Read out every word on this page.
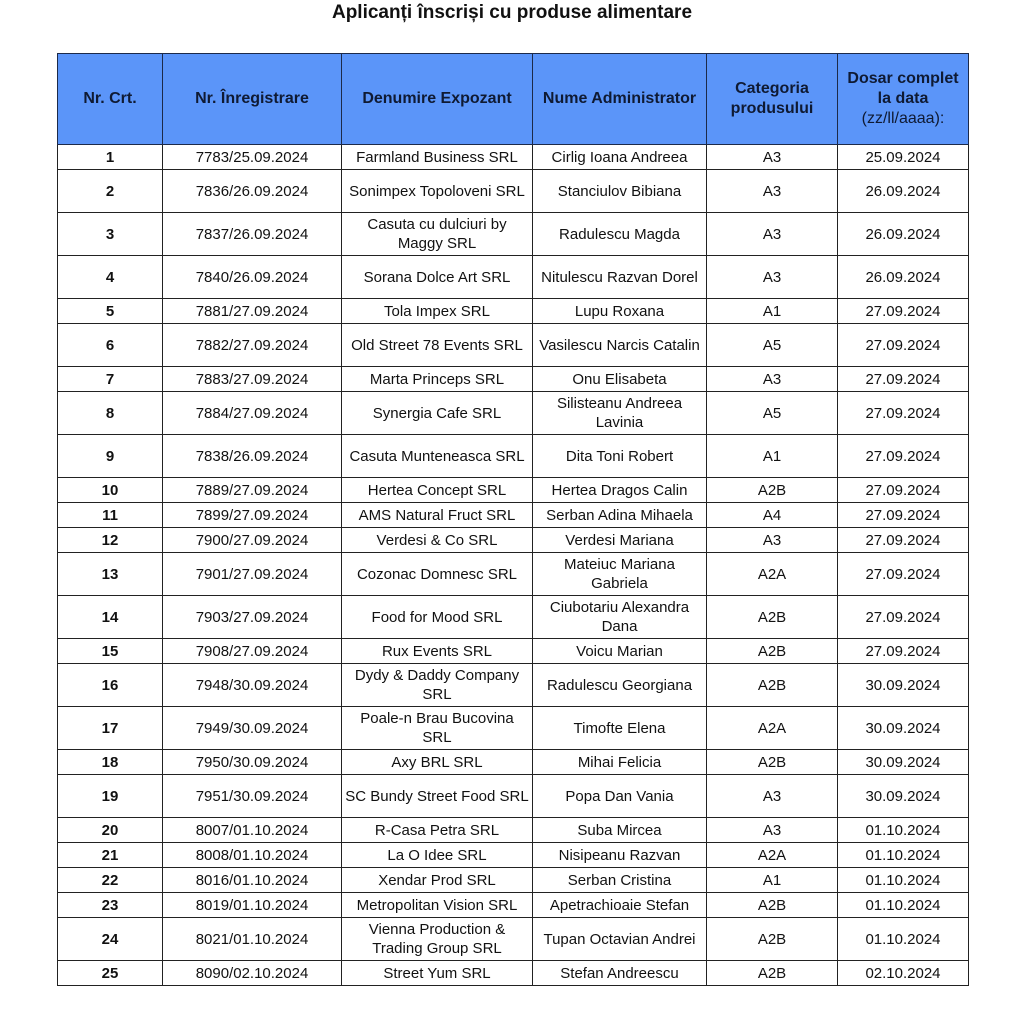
Aplicanți înscriși cu produse alimentare
Nr. Crt.	Nr. Înregistrare	Denumire Expozant	Nume Administrator	Categoria produsului	Dosar complet la data
(zz/ll/aaaa):
1	7783/25.09.2024	Farmland Business SRL	Cirlig Ioana Andreea	A3	25.09.2024
2	7836/26.09.2024	Sonimpex Topoloveni SRL	Stanciulov Bibiana	A3	26.09.2024
3	7837/26.09.2024	Casuta cu dulciuri by Maggy SRL	Radulescu Magda	A3	26.09.2024
4	7840/26.09.2024	Sorana Dolce Art SRL	Nitulescu Razvan Dorel	A3	26.09.2024
5	7881/27.09.2024	Tola Impex SRL	Lupu Roxana	A1	27.09.2024
6	7882/27.09.2024	Old Street 78 Events SRL	Vasilescu Narcis Catalin	A5	27.09.2024
7	7883/27.09.2024	Marta Princeps SRL	Onu Elisabeta	A3	27.09.2024
8	7884/27.09.2024	Synergia Cafe SRL	Silisteanu Andreea Lavinia	A5	27.09.2024
9	7838/26.09.2024	Casuta Munteneasca SRL	Dita Toni Robert	A1	27.09.2024
10	7889/27.09.2024	Hertea Concept SRL	Hertea Dragos Calin	A2B	27.09.2024
11	7899/27.09.2024	AMS Natural Fruct SRL	Serban Adina Mihaela	A4	27.09.2024
12	7900/27.09.2024	Verdesi & Co SRL	Verdesi Mariana	A3	27.09.2024
13	7901/27.09.2024	Cozonac Domnesc SRL	Mateiuc Mariana Gabriela	A2A	27.09.2024
14	7903/27.09.2024	Food for Mood SRL	Ciubotariu Alexandra Dana	A2B	27.09.2024
15	7908/27.09.2024	Rux Events SRL	Voicu Marian	A2B	27.09.2024
16	7948/30.09.2024	Dydy & Daddy Company SRL	Radulescu Georgiana	A2B	30.09.2024
17	7949/30.09.2024	Poale-n Brau Bucovina SRL	Timofte Elena	A2A	30.09.2024
18	7950/30.09.2024	Axy BRL SRL	Mihai Felicia	A2B	30.09.2024
19	7951/30.09.2024	SC Bundy Street Food SRL	Popa Dan Vania	A3	30.09.2024
20	8007/01.10.2024	R-Casa Petra SRL	Suba Mircea	A3	01.10.2024
21	8008/01.10.2024	La O Idee SRL	Nisipeanu Razvan	A2A	01.10.2024
22	8016/01.10.2024	Xendar Prod SRL	Serban Cristina	A1	01.10.2024
23	8019/01.10.2024	Metropolitan Vision SRL	Apetrachioaie Stefan	A2B	01.10.2024
24	8021/01.10.2024	Vienna Production & Trading Group SRL	Tupan Octavian Andrei	A2B	01.10.2024
25	8090/02.10.2024	Street Yum SRL	Stefan Andreescu	A2B	02.10.2024
